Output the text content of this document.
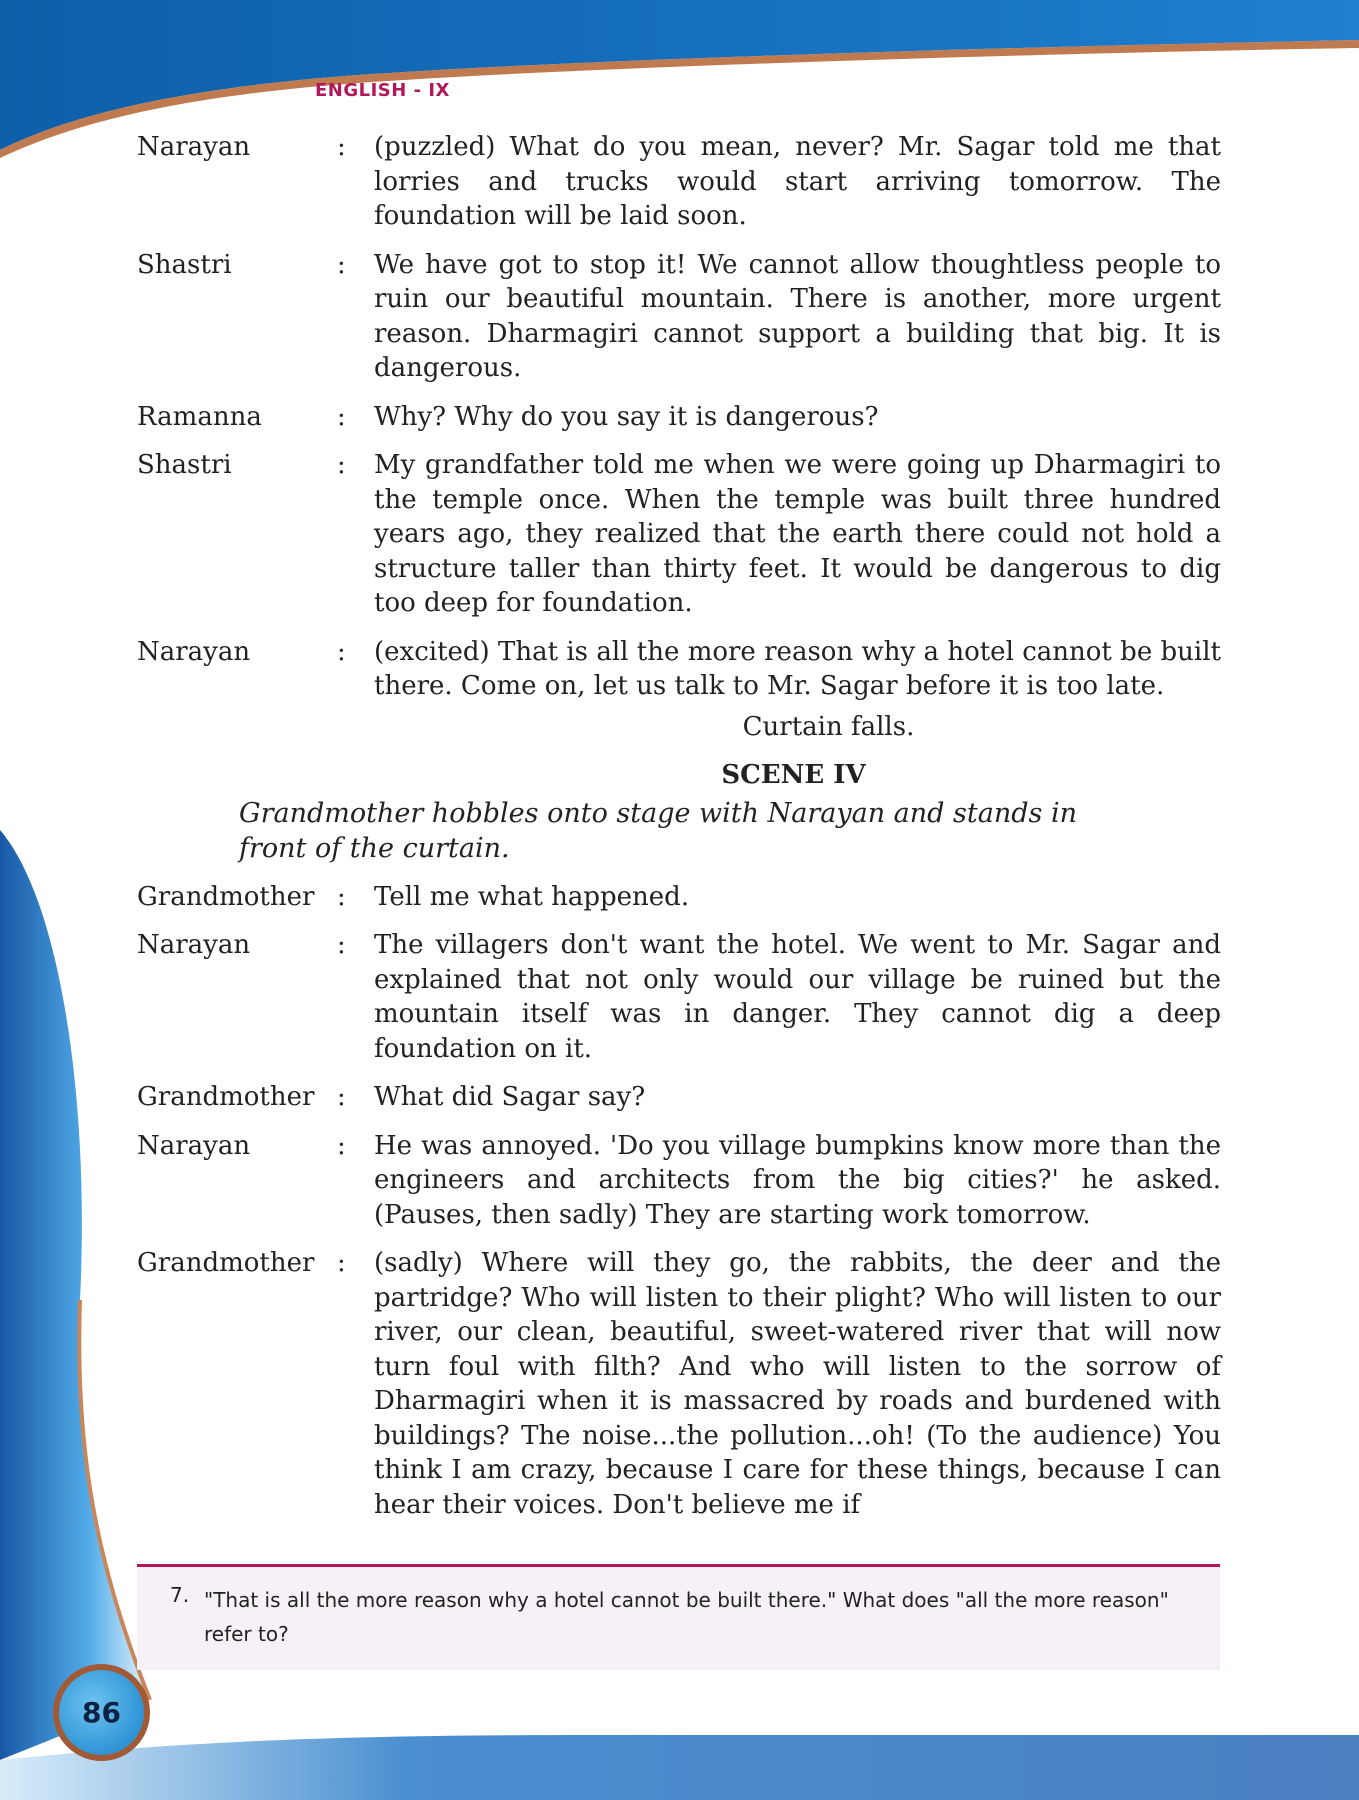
ENGLISH - IX
Narayan	:	(puzzled) What do you mean, never? Mr. Sagar told me that lorries and trucks would start arriving tomorrow. The foundation will be laid soon.
Shastri	:	We have got to stop it! We cannot allow thoughtless people to ruin our beautiful mountain. There is another, more urgent reason. Dharmagiri cannot support a building that big. It is dangerous.
Ramanna	:	Why? Why do you say it is dangerous?
Shastri	:	My grandfather told me when we were going up Dharmagiri to the temple once. When the temple was built three hundred years ago, they realized that the earth there could not hold a structure taller than thirty feet. It would be dangerous to dig too deep for foundation.
Narayan	:	(excited) That is all the more reason why a hotel cannot be built there. Come on, let us talk to Mr. Sagar before it is too late.
Curtain falls.
SCENE IV
Grandmother hobbles onto stage with Narayan and stands in front of the curtain.
Grandmother :	Tell me what happened.
Narayan	:	The villagers don't want the hotel. We went to Mr. Sagar and explained that not only would our village be ruined but the mountain itself was in danger. They cannot dig a deep foundation on it.
Grandmother :	What did Sagar say?
Narayan	:	He was annoyed. 'Do you village bumpkins know more than the engineers and architects from the big cities?' he asked. (Pauses, then sadly) They are starting work tomorrow.
Grandmother :	(sadly) Where will they go, the rabbits, the deer and the partridge? Who will listen to their plight? Who will listen to our river, our clean, beautiful, sweet-watered river that will now turn foul with filth? And who will listen to the sorrow of Dharmagiri when it is massacred by roads and burdened with buildings? The noise...the pollution...oh! (To the audience) You think I am crazy, because I care for these things, because I can hear their voices. Don't believe me if
7. "That is all the more reason why a hotel cannot be built there." What does "all the more reason" refer to?
86
